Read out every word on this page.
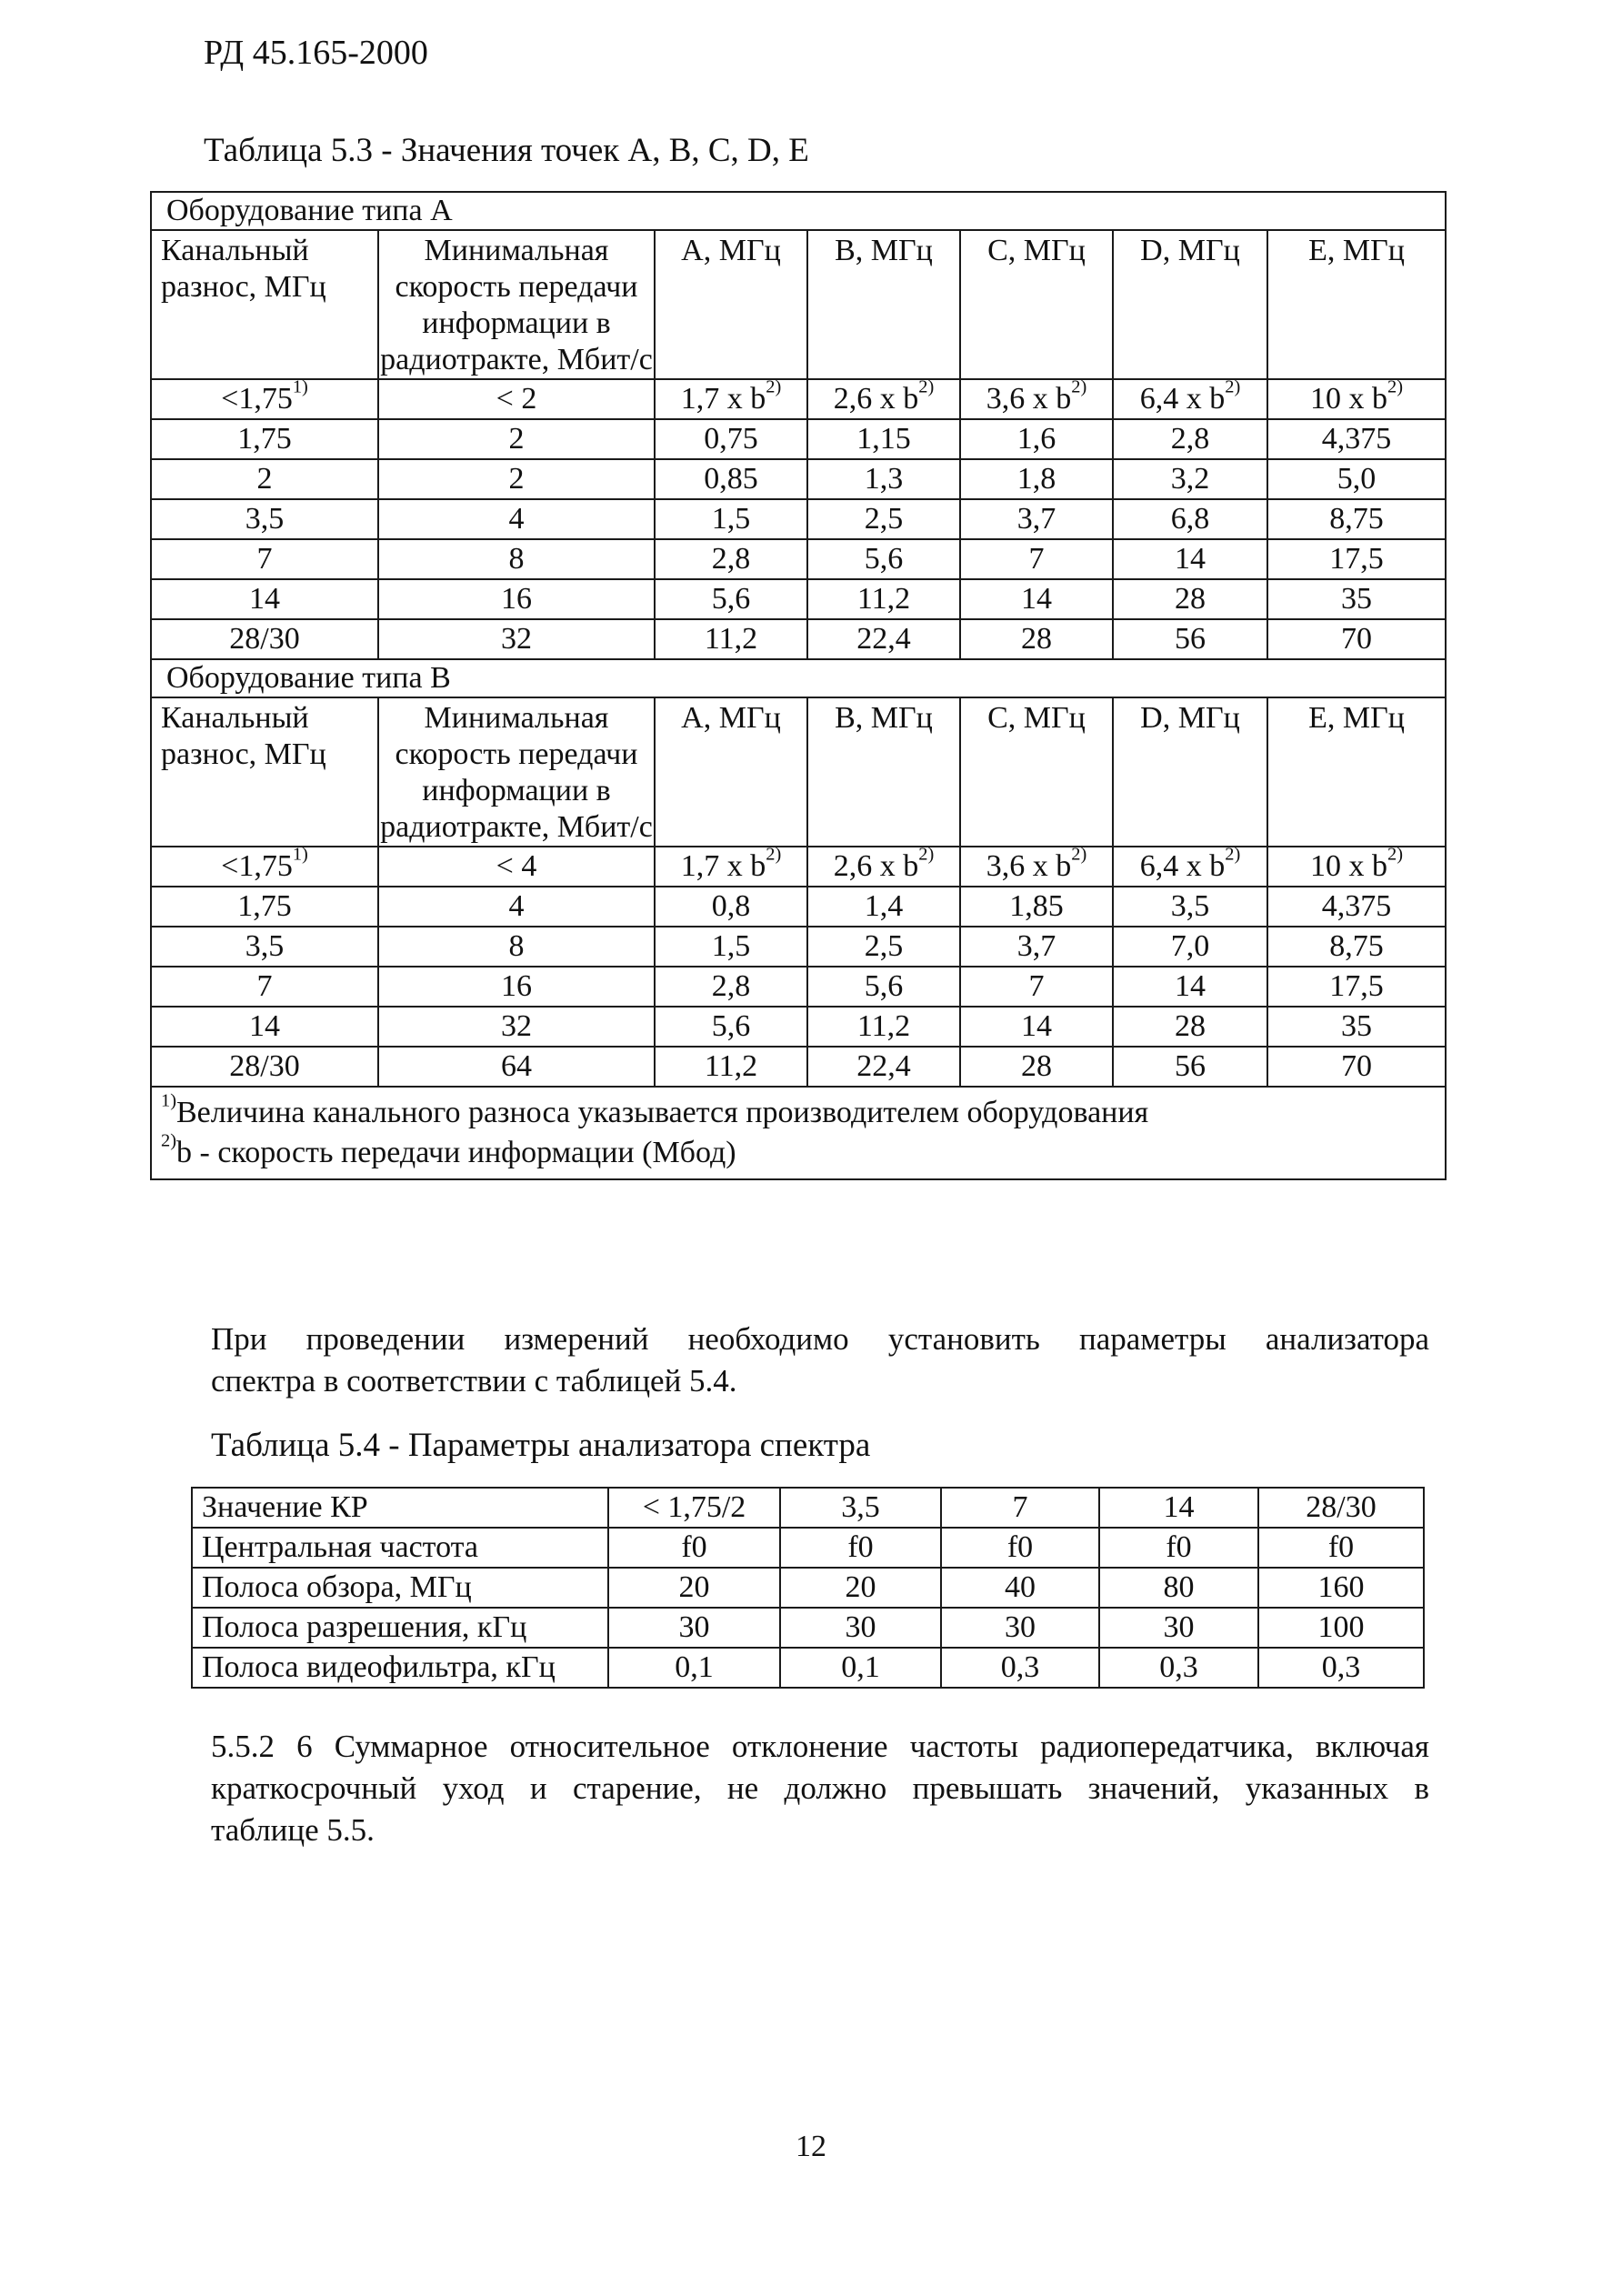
РД 45.165-2000
Таблица 5.3 - Значения точек А, В, С, D, Е
Оборудование типа А						
Канальный разнос, МГц	Минимальная скорость передачи информации в радиотракте, Мбит/с	А, МГц	В, МГц	С, МГц	D, МГц	Е, МГц
$<1,75^{1)}$	< 2	1,7 x $b^{2)}$	2,6 x $b^{2)}$	3,6 x $b^{2)}$	6,4 x $b^{2)}$	10 x $b^{2)}$
1,75	2	0,75	1,15	1,6	2,8	4,375
2	2	0,85	1,3	1,8	3,2	5,0
3,5	4	1,5	2,5	3,7	6,8	8,75
7	8	2,8	5,6	7	14	17,5
14	16	5,6	11,2	14	28	35
28/30	32	11,2	22,4	28	56	70
Оборудование типа В						
Канальный разнос, МГц	Минимальная скорость передачи информации в радиотракте, Мбит/с	А, МГц	В, МГц	С, МГц	D, МГц	Е, МГц
$<1,75^{1)}$	< 4	1,7 x $b^{2)}$	2,6 x $b^{2)}$	3,6 x $b^{2)}$	6,4 x $b^{2)}$	10 x $b^{2)}$
1,75	4	0,8	1,4	1,85	3,5	4,375
3,5	8	1,5	2,5	3,7	7,0	8,75
7	16	2,8	5,6	7	14	17,5
14	32	5,6	11,2	14	28	35
28/30	64	11,2	22,4	28	56	70

$^{1)}$Величина канального разноса указывается производителем оборудования
$^{2)}$b - скорость передачи информации (Мбод)						
При проведении измерений необходимо установить параметры анализатора
спектра в соответствии с таблицей 5.4.
Таблица 5.4 - Параметры анализатора спектра
Значение КР	< 1,75/2	3,5	7	14	28/30
Центральная частота	f0	f0	f0	f0	f0
Полоса обзора, МГц	20	20	40	80	160
Полоса разрешения, кГц	30	30	30	30	100
Полоса видеофильтра, кГц	0,1	0,1	0,3	0,3	0,3
5.5.2 6 Суммарное относительное отклонение частоты радиопередатчика, включая краткосрочный уход и старение, не должно превышать значений, указанных в
таблице 5.5.
12
